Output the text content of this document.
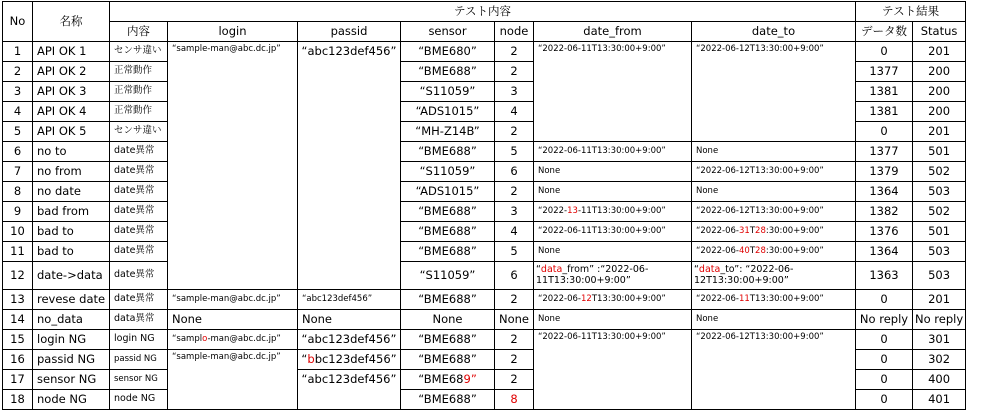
No	名称	テスト内容							テスト結果	
		内容	login	passid	sensor	node	date_from	date_to	データ数	Status
1	API OK 1	センサ違い	“sample-man@abc.dc.jp”	“abc123def456”	“BME680”	2	“2022-06-11T13:30:00+9:00”	“2022-06-12T13:30:00+9:00”	0	201
2	API OK 2	正常動作			“BME688”	2			1377	200
3	API OK 3	正常動作			“S11059”	3			1381	200
4	API OK 4	正常動作			“ADS1015”	4			1381	200
5	API OK 5	センサ違い			“MH-Z14B”	2			0	201
6	no to	date異常			“BME688”	5	“2022-06-11T13:30:00+9:00”	None	1377	501
7	no from	date異常			“S11059”	6	None	“2022-06-12T13:30:00+9:00”	1379	502
8	no date	date異常			“ADS1015”	2	None	None	1364	503
9	bad from	date異常			“BME688”	3	“2022-13-11T13:30:00+9:00”	“2022-06-12T13:30:00+9:00”	1382	502
10	bad to	date異常			“BME688”	4	“2022-06-11T13:30:00+9:00”	“2022-06-31T28:30:00+9:00”	1376	501
11	bad to	date異常			“BME688”	5	None	“2022-06-40T28:30:00+9:00”	1364	503
12	date->data	date異常			“S11059”	6	“data_from” :“2022-06-11T13:30:00+9:00”	“data_to”: “2022-06-12T13:30:00+9:00”	1363	503
13	revese date	date異常	“sample-man@abc.dc.jp”	“abc123def456”	“BME688”	2	“2022-06-12T13:30:00+9:00”	“2022-06-11T13:30:00+9:00”	0	201
14	no_data	data異常	None	None	None	None	None	None	No reply	No reply
15	login NG	login NG	“samplo-man@abc.dc.jp”	“abc123def456”	“BME688”	2	“2022-06-11T13:30:00+9:00”	“2022-06-12T13:30:00+9:00”	0	301
16	passid NG	passid NG	“sample-man@abc.dc.jp”	“bbc123def456”	“BME688”	2			0	302
17	sensor NG	sensor NG		“abc123def456”	“BME689”	2			0	400
18	node NG	node NG			“BME688”	8			0	401
